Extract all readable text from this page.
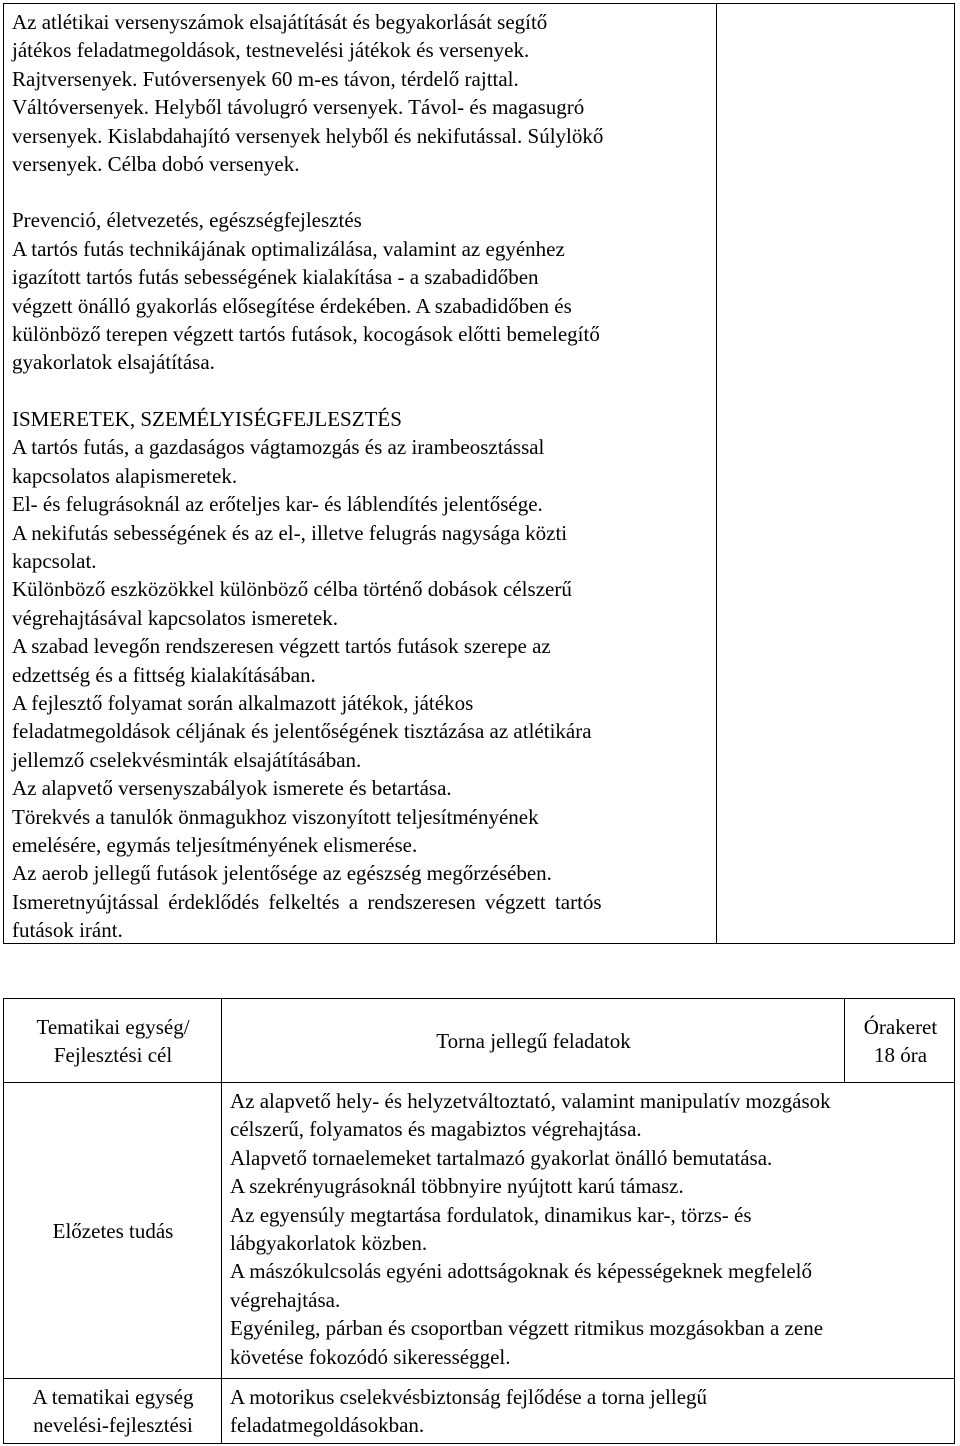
Az atlétikai versenyszámok elsajátítását és begyakorlását segítő

játékos feladatmegoldások, testnevelési játékok és versenyek.

Rajtversenyek. Futóversenyek 60 m-es távon, térdelő rajttal.

Váltóversenyek. Helyből távolugró versenyek. Távol- és magasugró

versenyek. Kislabdahajító versenyek helyből és nekifutással. Súlylökő

versenyek. Célba dobó versenyek.

Prevenció, életvezetés, egészségfejlesztés

A tartós futás technikájának optimalizálása, valamint az egyénhez

igazított tartós futás sebességének kialakítása - a szabadidőben

végzett önálló gyakorlás elősegítése érdekében. A szabadidőben és

különböző terepen végzett tartós futások, kocogások előtti bemelegítő

gyakorlatok elsajátítása.

ISMERETEK, SZEMÉLYISÉGFEJLESZTÉS

A tartós futás, a gazdaságos vágtamozgás és az irambeosztással

kapcsolatos alapismeretek.

El- és felugrásoknál az erőteljes kar- és láblendítés jelentősége.

A nekifutás sebességének és az el-, illetve felugrás nagysága közti

kapcsolat.

Különböző eszközökkel különböző célba történő dobások célszerű

végrehajtásával kapcsolatos ismeretek.

A szabad levegőn rendszeresen végzett tartós futások szerepe az

edzettség és a fittség kialakításában.

A fejlesztő folyamat során alkalmazott játékok, játékos

feladatmegoldások céljának és jelentőségének tisztázása az atlétikára

jellemző cselekvésminták elsajátításában.

Az alapvető versenyszabályok ismerete és betartása.

Törekvés a tanulók önmagukhoz viszonyított teljesítményének

emelésére, egymás teljesítményének elismerése.

Az aerob jellegű futások jelentősége az egészség megőrzésében.

Ismeretnyújtással érdeklődés felkeltés a rendszeresen végzett tartós

futások iránt.

Tematikai egység/
Fejlesztési cél
Torna jellegű feladatok
Órakeret
18 óra
Előzetes tudás

Az alapvető hely- és helyzetváltoztató, valamint manipulatív mozgások

célszerű, folyamatos és magabiztos végrehajtása.

Alapvető tornaelemeket tartalmazó gyakorlat önálló bemutatása.

A szekrényugrásoknál többnyire nyújtott karú támasz.

Az egyensúly megtartása fordulatok, dinamikus kar-, törzs- és

lábgyakorlatok közben.

A mászókulcsolás egyéni adottságoknak és képességeknek megfelelő

végrehajtása.

Egyénileg, párban és csoportban végzett ritmikus mozgásokban a zene

követése fokozódó sikerességgel.

A tematikai egység
nevelési-fejlesztési

A motorikus cselekvésbiztonság fejlődése a torna jellegű

feladatmegoldásokban.
